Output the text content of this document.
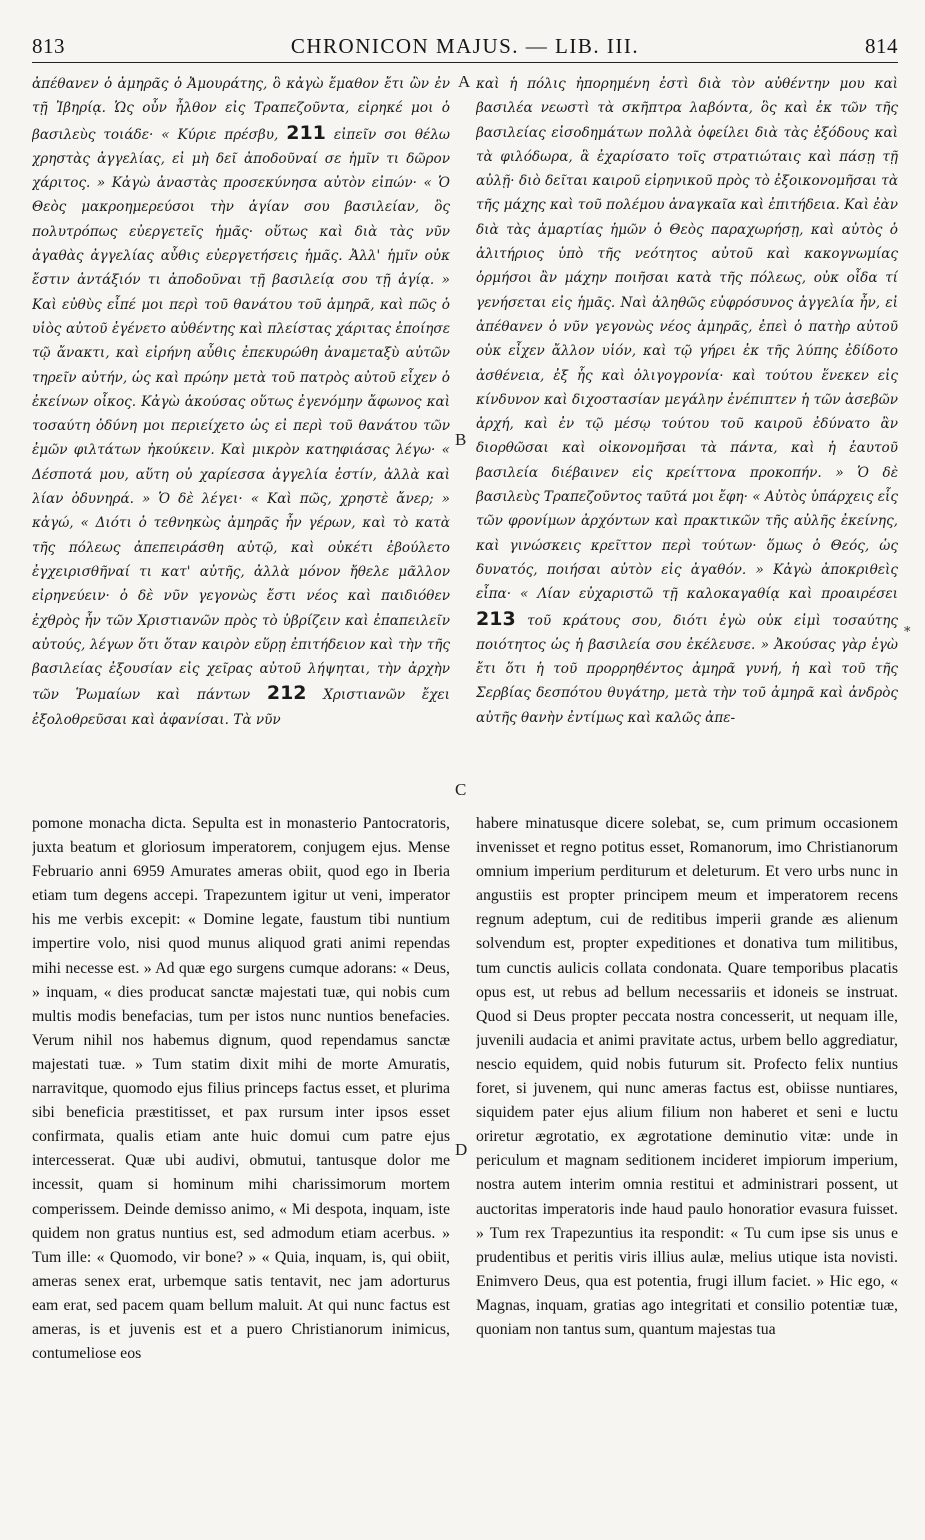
813	CHRONICON MAJUS. — LIB. III.	814

ἀπέθανεν ὁ ἀμηρᾶς ὁ Ἀμουράτης, ὃ κἀγὼ ἔμαθον ἔτι ὢν ἐν τῇ Ἰβηρίᾳ. Ὡς οὖν ἦλθον εἰς Τραπεζοῦντα, εἰρηκέ μοι ὁ βασιλεὺς τοιάδε· « Κύριε πρέσβυ, 211 εἰπεῖν σοι θέλω χρηστὰς ἀγγελίας, εἰ μὴ δεῖ ἀποδοῦναί σε ἡμῖν τι δῶρον χάριτος. » Κἀγὼ ἀναστὰς προσεκύνησα αὐτὸν εἰπών· « Ὁ Θεὸς μακροημερεύσοι τὴν ἁγίαν σου βασιλείαν, ὃς πολυτρόπως εὐεργετεῖς ἡμᾶς· οὕτως καὶ διὰ τὰς νῦν ἀγαθὰς ἀγγελίας αὖθις εὐεργετήσεις ἡμᾶς. Ἀλλ' ἡμῖν οὐκ ἔστιν ἀντάξιόν τι ἀποδοῦναι τῇ βασιλείᾳ σου τῇ ἁγίᾳ. » Καὶ εὐθὺς εἶπέ μοι περὶ τοῦ θανάτου τοῦ ἀμηρᾶ, καὶ πῶς ὁ υἱὸς αὐτοῦ ἐγένετο αὐθέντης καὶ πλείστας χάριτας ἐποίησε τῷ ἄνακτι, καὶ εἰρήνη αὖθις ἐπεκυρώθη ἀναμεταξὺ αὐτῶν τηρεῖν αὐτήν, ὡς καὶ πρώην μετὰ τοῦ πατρὸς αὐτοῦ εἶχεν ὁ ἐκείνων οἶκος. Κἀγὼ ἀκούσας οὕτως ἐγενόμην ἄφωνος καὶ τοσαύτη ὀδύνη μοι περιείχετο ὡς εἰ περὶ τοῦ θανάτου τῶν ἐμῶν φιλτάτων ἠκούκειν. Καὶ μικρὸν κατηφιάσας λέγω· « Δέσποτά μου, αὕτη οὐ χαρίεσσα ἀγγελία ἐστίν, ἀλλὰ καὶ λίαν ὀδυνηρά. » Ὁ δὲ λέγει· « Καὶ πῶς, χρηστὲ ἄνερ; » κἀγώ, « Διότι ὁ τεθνηκὼς ἀμηρᾶς ἦν γέρων, καὶ τὸ κατὰ τῆς πόλεως ἀπεπειράσθη αὐτῷ, καὶ οὐκέτι ἐβούλετο ἐγχειρισθῆναί τι κατ' αὐτῆς, ἀλλὰ μόνον ἤθελε μᾶλλον εἰρηνεύειν· ὁ δὲ νῦν γεγονὼς ἔστι νέος καὶ παιδιόθεν ἐχθρὸς ἦν τῶν Χριστιανῶν πρὸς τὸ ὑβρίζειν καὶ ἐπαπειλεῖν αὐτούς, λέγων ὅτι ὅταν καιρὸν εὕρῃ ἐπιτήδειον καὶ τὴν τῆς βασιλείας ἐξουσίαν εἰς χεῖρας αὐτοῦ λήψηται, τὴν ἀρχὴν τῶν Ῥωμαίων καὶ πάντων 212 Χριστιανῶν ἔχει ἐξολοθρεῦσαι καὶ ἀφανίσαι. Τὰ νῦν

καὶ ἡ πόλις ἠπορημένη ἐστὶ διὰ τὸν αὐθέντην μου καὶ βασιλέα νεωστὶ τὰ σκῆπτρα λαβόντα, ὃς καὶ ἐκ τῶν τῆς βασιλείας εἰσοδημάτων πολλὰ ὀφείλει διὰ τὰς ἐξόδους καὶ τὰ φιλόδωρα, ἃ ἐχαρίσατο τοῖς στρατιώταις καὶ πάσῃ τῇ αὐλῇ· διὸ δεῖται καιροῦ εἰρηνικοῦ πρὸς τὸ ἐξοικονομῆσαι τὰ τῆς μάχης καὶ τοῦ πολέμου ἀναγκαῖα καὶ ἐπιτήδεια. Καὶ ἐὰν διὰ τὰς ἁμαρτίας ἡμῶν ὁ Θεὸς παραχωρήσῃ, καὶ αὐτὸς ὁ ἀλιτήριος ὑπὸ τῆς νεότητος αὐτοῦ καὶ κακογνωμίας ὁρμήσοι ἂν μάχην ποιῆσαι κατὰ τῆς πόλεως, οὐκ οἶδα τί γενήσεται εἰς ἡμᾶς. Ναὶ ἀληθῶς εὐφρόσυνος ἀγγελία ἦν, εἰ ἀπέθανεν ὁ νῦν γεγονὼς νέος ἀμηρᾶς, ἐπεὶ ὁ πατὴρ αὐτοῦ οὐκ εἶχεν ἄλλον υἱόν, καὶ τῷ γήρει ἐκ τῆς λύπης ἐδίδοτο ἀσθένεια, ἐξ ἧς καὶ ὀλιγογρονία· καὶ τούτου ἕνεκεν εἰς κίνδυνον καὶ διχοστασίαν μεγάλην ἐνέπιπτεν ἡ τῶν ἀσεβῶν ἀρχή, καὶ ἐν τῷ μέσῳ τούτου τοῦ καιροῦ ἐδύνατο ἂν διορθῶσαι καὶ οἰκονομῆσαι τὰ πάντα, καὶ ἡ ἑαυτοῦ βασιλεία διέβαινεν εἰς κρείττονα προκοπήν. » Ὁ δὲ βασιλεὺς Τραπεζοῦντος ταῦτά μοι ἔφη· « Αὐτὸς ὑπάρχεις εἷς τῶν φρονίμων ἀρχόντων καὶ πρακτικῶν τῆς αὐλῆς ἐκείνης, καὶ γινώσκεις κρεῖττον περὶ τούτων· ὅμως ὁ Θεός, ὡς δυνατός, ποιήσαι αὐτὸν εἰς ἀγαθόν. » Κἀγὼ ἀποκριθεὶς εἶπα· « Λίαν εὐχαριστῶ τῇ καλοκαγαθίᾳ καὶ προαιρέσει 213 τοῦ κράτους σου, διότι ἐγὼ οὐκ εἰμὶ τοσαύτης ποιότητος ὡς ἡ βασιλεία σου ἐκέλευσε. » Ἀκούσας γὰρ ἐγὼ ἔτι ὅτι ἡ τοῦ προρρηθέντος ἀμηρᾶ γυνή, ἡ καὶ τοῦ τῆς Σερβίας δεσπότου θυγάτηρ, μετὰ τὴν τοῦ ἀμηρᾶ καὶ ἀνδρὸς αὐτῆς θανὴν ἐντίμως καὶ καλῶς ἀπε-

pomone monacha dicta. Sepulta est in monasterio Pantocratoris, juxta beatum et gloriosum imperatorem, conjugem ejus. Mense Februario anni 6959 Amurates ameras obiit, quod ego in Iberia etiam tum degens accepi. Trapezuntem igitur ut veni, imperator his me verbis excepit: « Domine legate, faustum tibi nuntium impertire volo, nisi quod munus aliquod grati animi rependas mihi necesse est. » Ad quæ ego surgens cumque adorans: « Deus, » inquam, « dies producat sanctæ majestati tuæ, qui nobis cum multis modis benefacias, tum per istos nunc nuntios benefacies. Verum nihil nos habemus dignum, quod rependamus sanctæ majestati tuæ. » Tum statim dixit mihi de morte Amuratis, narravitque, quomodo ejus filius princeps factus esset, et plurima sibi beneficia præstitisset, et pax rursum inter ipsos esset confirmata, qualis etiam ante huic domui cum patre ejus intercesserat. Quæ ubi audivi, obmutui, tantusque dolor me incessit, quam si hominum mihi charissimorum mortem comperissem. Deinde demisso animo, « Mi despota, inquam, iste quidem non gratus nuntius est, sed admodum etiam acerbus. » Tum ille: « Quomodo, vir bone? » « Quia, inquam, is, qui obiit, ameras senex erat, urbemque satis tentavit, nec jam adorturus eam erat, sed pacem quam bellum maluit. At qui nunc factus est ameras, is et juvenis est et a puero Christianorum inimicus, contumeliose eos

habere minatusque dicere solebat, se, cum primum occasionem invenisset et regno potitus esset, Romanorum, imo Christianorum omnium imperium perditurum et deleturum. Et vero urbs nunc in angustiis est propter principem meum et imperatorem recens regnum adeptum, cui de reditibus imperii grande æs alienum solvendum est, propter expeditiones et donativa tum militibus, tum cunctis aulicis collata condonata. Quare temporibus placatis opus est, ut rebus ad bellum necessariis et idoneis se instruat. Quod si Deus propter peccata nostra concesserit, ut nequam ille, juvenili audacia et animi pravitate actus, urbem bello aggrediatur, nescio equidem, quid nobis futurum sit. Profecto felix nuntius foret, si juvenem, qui nunc ameras factus est, obiisse nuntiares, siquidem pater ejus alium filium non haberet et seni e luctu oriretur ægrotatio, ex ægrotatione deminutio vitæ: unde in periculum et magnam seditionem incideret impiorum imperium, nostra autem interim omnia restitui et administrari possent, ut auctoritas imperatoris inde haud paulo honoratior evasura fuisset. » Tum rex Trapezuntius ita respondit: « Tu cum ipse sis unus e prudentibus et peritis viris illius aulæ, melius utique ista novisti. Enimvero Deus, qua est potentia, frugi illum faciet. » Hic ego, « Magnas, inquam, gratias ago integritati et consilio potentiæ tuæ, quoniam non tantus sum, quantum majestas tua

A
B
C
D
*
